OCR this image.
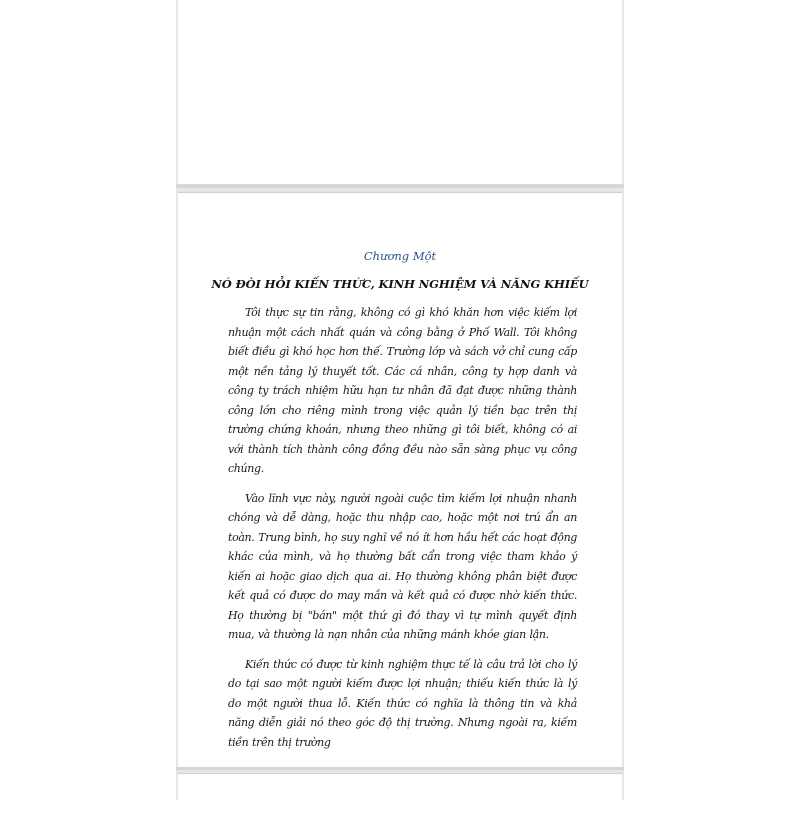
Chương Một
NÓ ĐÒI HỎI KIẾN THỨC, KINH NGHIỆM VÀ NĂNG KHIẾU

Tôi thực sự tin rằng, không có gì khó khăn hơn việc kiếm lợi nhuận một cách nhất quán và công bằng ở Phố Wall. Tôi không biết điều gì khó học hơn thế. Trường lớp và sách vở chỉ cung cấp một nền tảng lý thuyết tốt. Các cá nhân, công ty hợp danh và công ty trách nhiệm hữu hạn tư nhân đã đạt được những thành công lớn cho riêng mình trong việc quản lý tiền bạc trên thị trường chứng khoán, nhưng theo những gì tôi biết, không có ai với thành tích thành công đồng đều nào sẵn sàng phục vụ công chúng.

Vào lĩnh vực này, người ngoài cuộc tìm kiếm lợi nhuận nhanh chóng và dễ dàng, hoặc thu nhập cao, hoặc một nơi trú ẩn an toàn. Trung bình, họ suy nghĩ về nó ít hơn hầu hết các hoạt động khác của mình, và họ thường bất cẩn trong việc tham khảo ý kiến ai hoặc giao dịch qua ai. Họ thường không phân biệt được kết quả có được do may mắn và kết quả có được nhờ kiến thức. Họ thường bị "bán" một thứ gì đó thay vì tự mình quyết định mua, và thường là nạn nhân của những mánh khóe gian lận.

Kiến thức có được từ kinh nghiệm thực tế là câu trả lời cho lý do tại sao một người kiếm được lợi nhuận; thiếu kiến thức là lý do một người thua lỗ. Kiến thức có nghĩa là thông tin và khả năng diễn giải nó theo góc độ thị trường. Nhưng ngoài ra, kiếm tiền trên thị trường
